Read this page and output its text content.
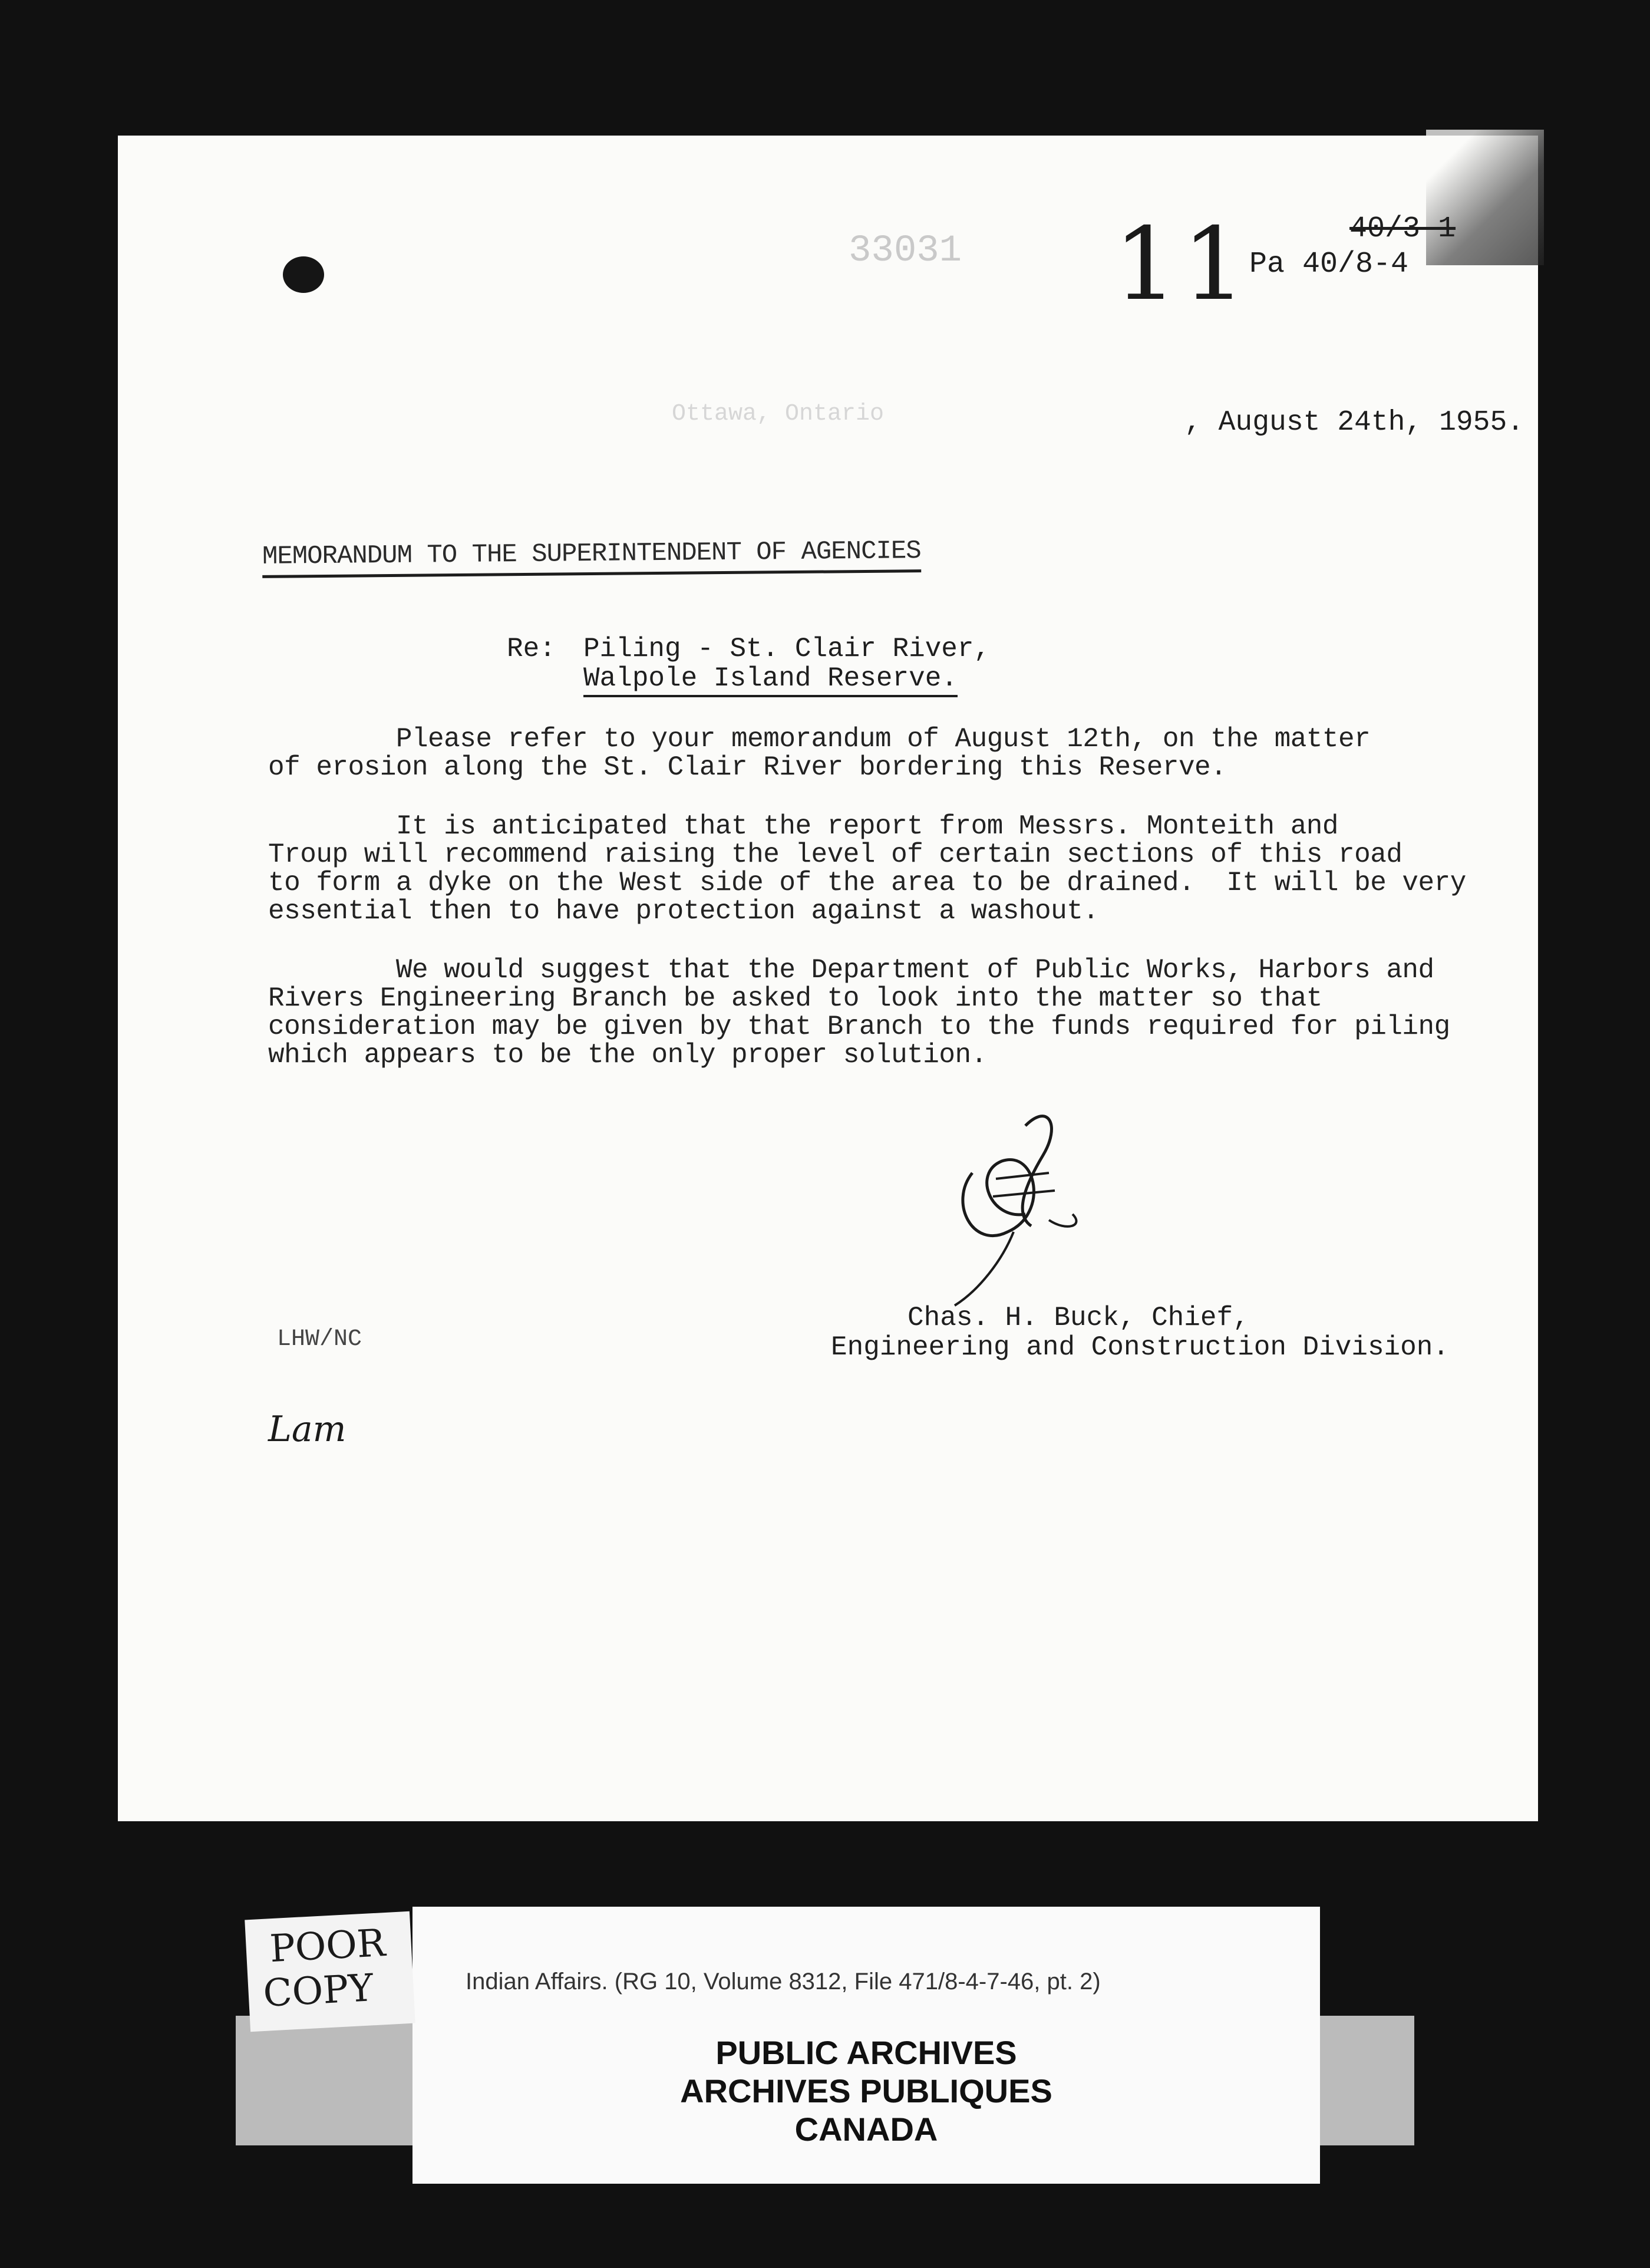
33031 11	40/3-1
Pa 40/8-4
Ottawa, Ontario	, August 24th, 1955.
MEMORANDUM TO THE SUPERINTENDENT OF AGENCIES
Re: Piling - St. Clair River,
Walpole Island Reserve.
Please refer to your memorandum of August 12th, on the matter
of erosion along the St. Clair River bordering this Reserve.
It is anticipated that the report from Messrs. Monteith and
Troup will recommend raising the level of certain sections of this road
to form a dyke on the West side of the area to be drained.  It will be very
essential then to have protection against a washout.
We would suggest that the Department of Public Works, Harbors and
Rivers Engineering Branch be asked to look into the matter so that
consideration may be given by that Branch to the funds required for piling
which appears to be the only proper solution.
Chas. H. Buck, Chief,
Engineering and Construction Division.
LHW/NC
Lam
Indian Affairs. (RG 10, Volume 8312, File 471/8-4-7-46, pt. 2)
PUBLIC ARCHIVES
ARCHIVES PUBLIQUES
CANADA
POOR
COPY
